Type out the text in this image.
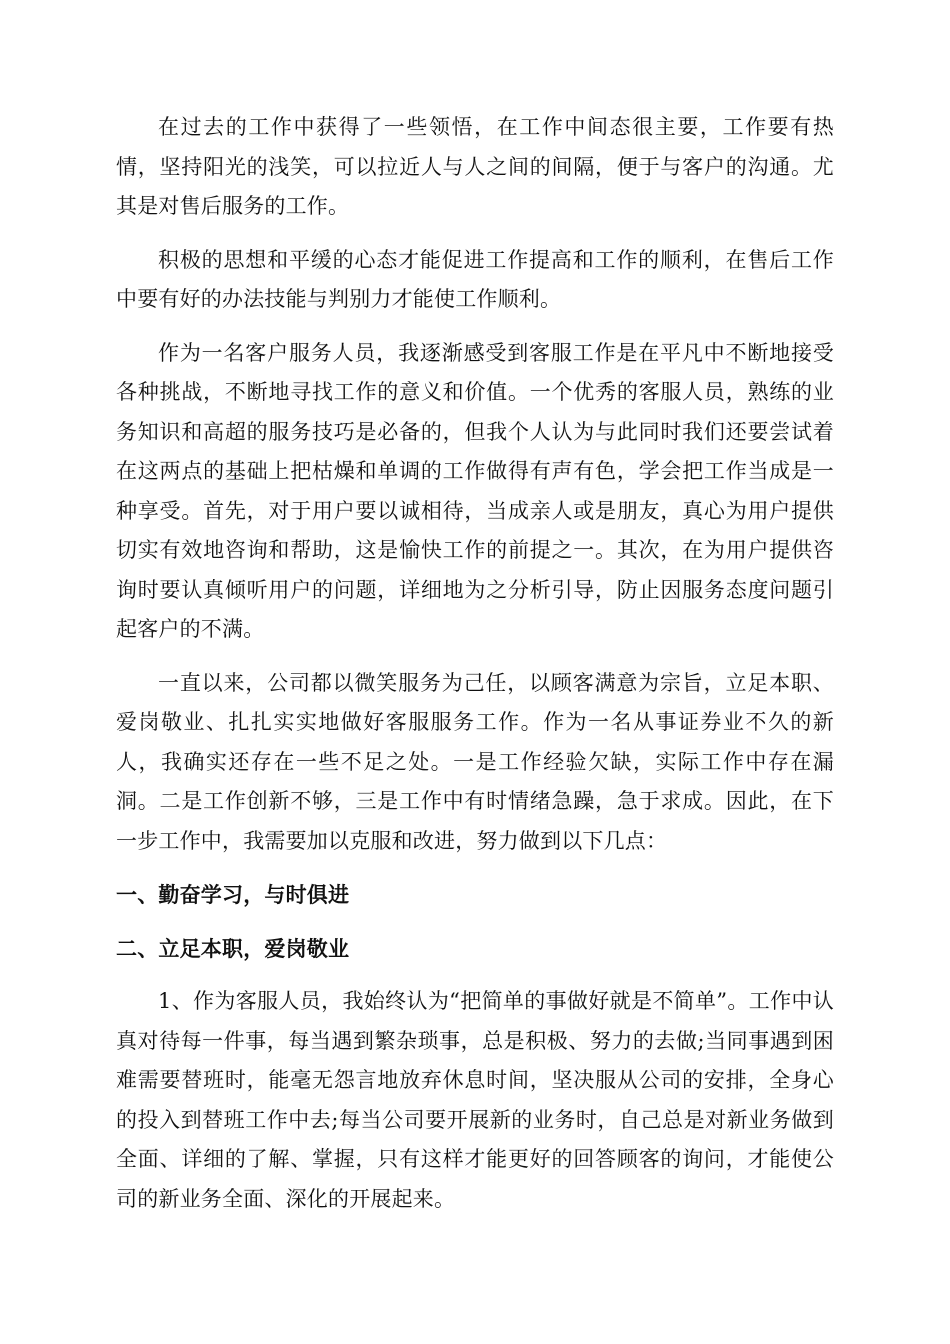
在过去的工作中获得了一些领悟，在工作中间态很主要，工作要有热情，坚持阳光的浅笑，可以拉近人与人之间的间隔，便于与客户的沟通。尤其是对售后服务的工作。

积极的思想和平缓的心态才能促进工作提高和工作的顺利，在售后工作中要有好的办法技能与判别力才能使工作顺利。

作为一名客户服务人员，我逐渐感受到客服工作是在平凡中不断地接受各种挑战，不断地寻找工作的意义和价值。一个优秀的客服人员，熟练的业务知识和高超的服务技巧是必备的，但我个人认为与此同时我们还要尝试着在这两点的基础上把枯燥和单调的工作做得有声有色，学会把工作当成是一种享受。首先，对于用户要以诚相待，当成亲人或是朋友，真心为用户提供切实有效地咨询和帮助，这是愉快工作的前提之一。其次，在为用户提供咨询时要认真倾听用户的问题，详细地为之分析引导，防止因服务态度问题引起客户的不满。

一直以来，公司都以微笑服务为己任，以顾客满意为宗旨，立足本职、爱岗敬业、扎扎实实地做好客服服务工作。作为一名从事证券业不久的新人，我确实还存在一些不足之处。一是工作经验欠缺，实际工作中存在漏洞。二是工作创新不够，三是工作中有时情绪急躁，急于求成。因此，在下一步工作中，我需要加以克服和改进，努力做到以下几点：

一、勤奋学习，与时俱进

二、立足本职，爱岗敬业

1、作为客服人员，我始终认为“把简单的事做好就是不简单”。工作中认真对待每一件事，每当遇到繁杂琐事，总是积极、努力的去做;当同事遇到困难需要替班时，能毫无怨言地放弃休息时间，坚决服从公司的安排，全身心的投入到替班工作中去;每当公司要开展新的业务时，自己总是对新业务做到全面、详细的了解、掌握，只有这样才能更好的回答顾客的询问，才能使公司的新业务全面、深化的开展起来。
